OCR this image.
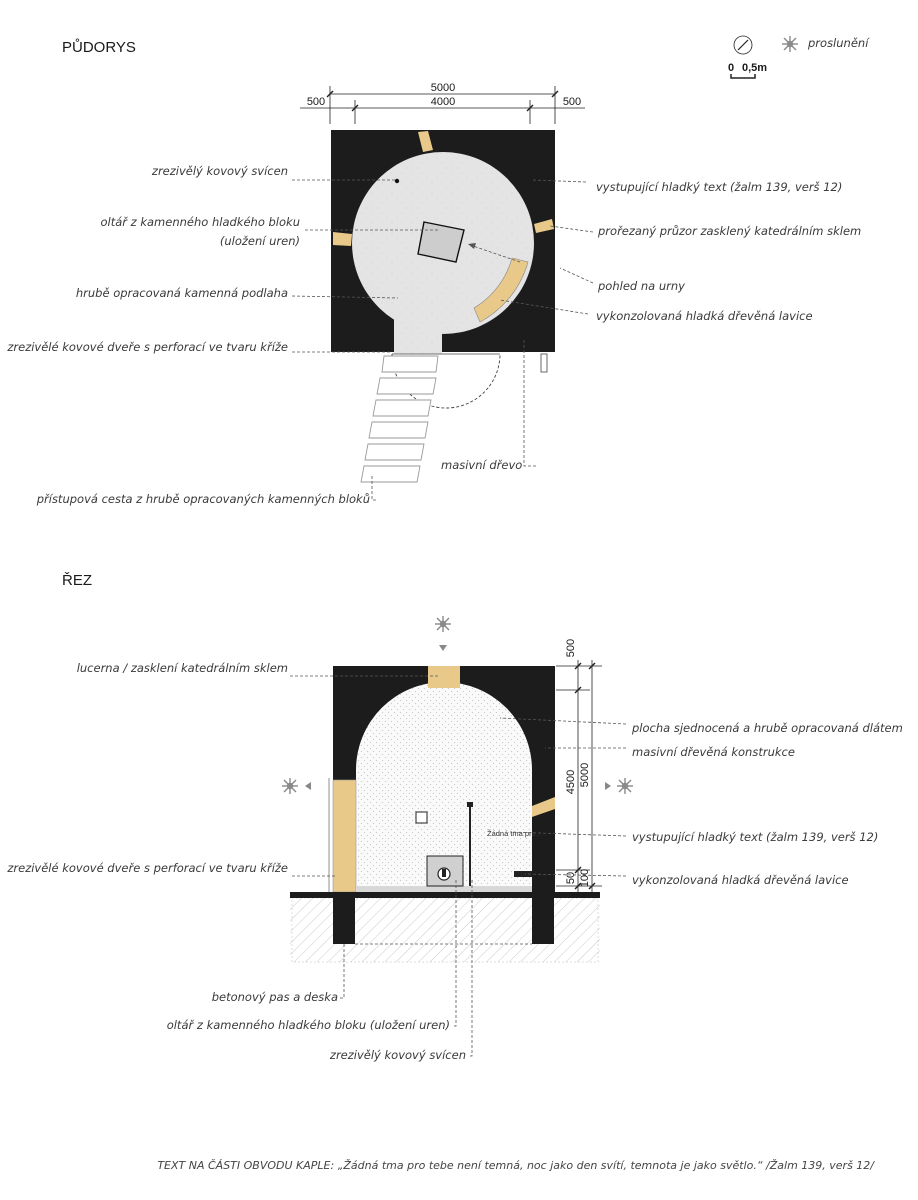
PŮDORYS
0 0,5m
proslunění
5000
4000
500	500
zrezivělý kovový svícen
oltář z kamenného hladkého bloku
(uložení uren)
hrubě opracovaná kamenná podlaha
zrezivělé kovové dveře s perforací ve tvaru kříže
vystupující hladký text (žalm 139, verš 12)
prořezaný průzor zasklený katedrálním sklem
pohled na urny
vykonzolovaná hladká dřevěná lavice
masivní dřevo
přístupová cesta z hrubě opracovaných kamenných bloků
ŘEZ
Žádná tma pro...
500
4500 5000
50 100
lucerna / zasklení katedrálním sklem
zrezivělé kovové dveře s perforací ve tvaru kříže
plocha sjednocená a hrubě opracovaná dlátem
masivní dřevěná konstrukce
vystupující hladký text (žalm 139, verš 12)
vykonzolovaná hladká dřevěná lavice
betonový pas a deska
oltář z kamenného hladkého bloku (uložení uren)
zrezivělý kovový svícen
TEXT NA ČÁSTI OBVODU KAPLE: „Žádná tma pro tebe není temná, noc jako den svítí, temnota je jako světlo.“ /Žalm 139, verš 12/
